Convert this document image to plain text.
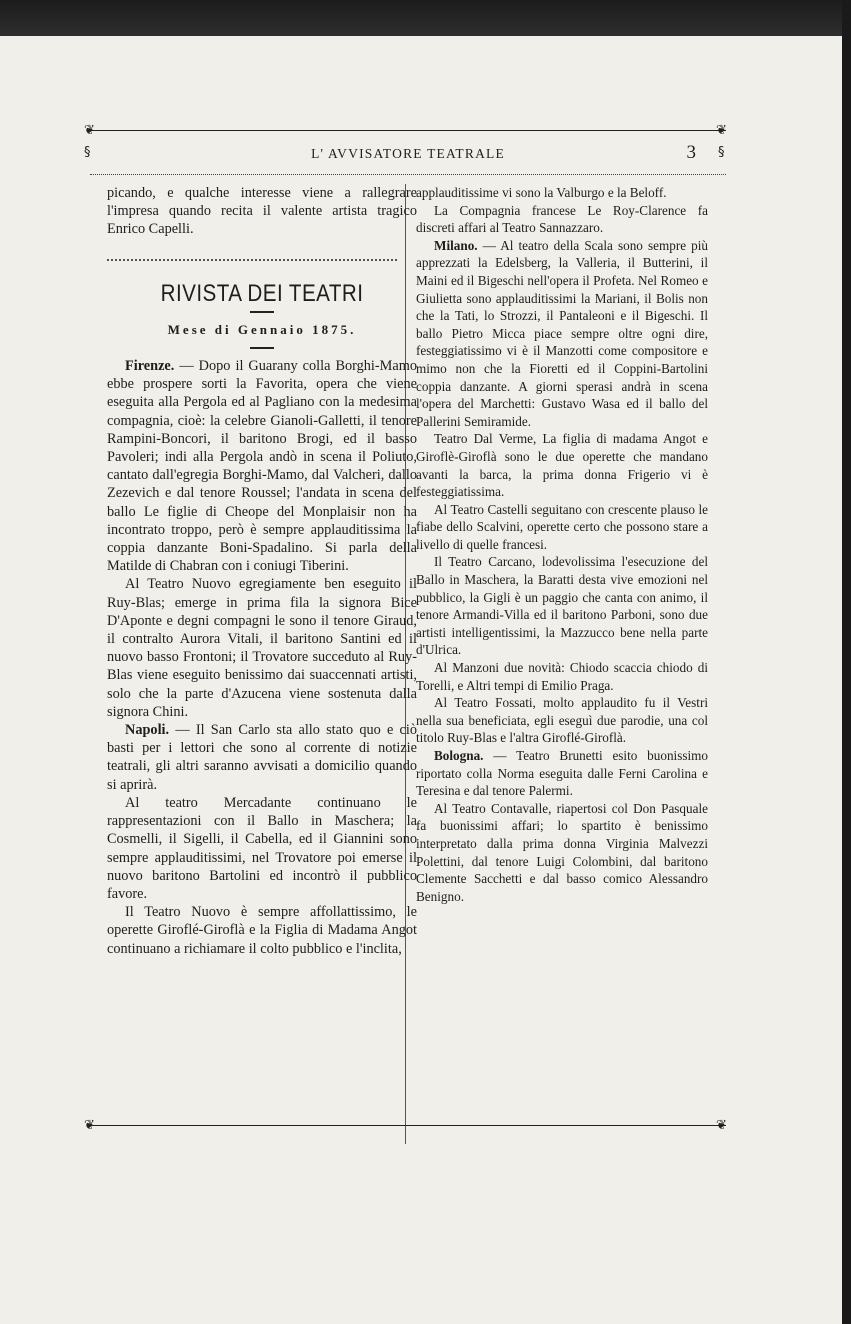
❦	❦
§	§
L' AVVISATORE TEATRALE	3

picando, e qualche interesse viene a rallegrare l'impresa quando recita il valente artista tragico Enrico Capelli.

RIVISTA DEI TEATRI
Mese di Gennaio 1875.

Firenze. — Dopo il Guarany colla Borghi-Mamo ebbe prospere sorti la Favorita, opera che viene eseguita alla Pergola ed al Pagliano con la medesima compagnia, cioè: la celebre Gianoli-Galletti, il tenore Rampini-Boncori, il baritono Brogi, ed il basso Pavoleri; indi alla Pergola andò in scena il Poliuto, cantato dall'egregia Borghi-Mamo, dal Valcheri, dallo Zezevich e dal tenore Roussel; l'andata in scena del ballo Le figlie di Cheope del Monplaisir non ha incontrato troppo, però è sempre applauditissima la coppia danzante Boni-Spadalino. Si parla della Matilde di Chabran con i coniugi Tiberini.

Al Teatro Nuovo egregiamente ben eseguito il Ruy-Blas; emerge in prima fila la signora Bice D'Aponte e degni compagni le sono il tenore Giraud, il contralto Aurora Vitali, il baritono Santini ed il nuovo basso Frontoni; il Trovatore succeduto al Ruy-Blas viene eseguito benissimo dai suaccennati artisti, solo che la parte d'Azucena viene sostenuta dalla signora Chini.

Napoli. — Il San Carlo sta allo stato quo e ciò basti per i lettori che sono al corrente di notizie teatrali, gli altri saranno avvisati a domicilio quando si aprirà.

Al teatro Mercadante continuano le rappresentazioni con il Ballo in Maschera; la Cosmelli, il Sigelli, il Cabella, ed il Giannini sono sempre applauditissimi, nel Trovatore poi emerse il nuovo baritono Bartolini ed incontrò il pubblico favore.

Il Teatro Nuovo è sempre affollattissimo, le operette Giroflé-Giroflà e la Figlia di Madama Angot continuano a richiamare il colto pubblico e l'inclita,

applauditissime vi sono la Valburgo e la Beloff.

La Compagnia francese Le Roy-Clarence fa discreti affari al Teatro Sannazzaro.

Milano. — Al teatro della Scala sono sempre più apprezzati la Edelsberg, la Valleria, il Butterini, il Maini ed il Bigeschi nell'opera il Profeta. Nel Romeo e Giulietta sono applauditissimi la Mariani, il Bolis non che la Tati, lo Strozzi, il Pantaleoni e il Bigeschi. Il ballo Pietro Micca piace sempre oltre ogni dire, festeggiatissimo vi è il Manzotti come compositore e mimo non che la Fioretti ed il Coppini-Bartolini coppia danzante. A giorni sperasi andrà in scena l'opera del Marchetti: Gustavo Wasa ed il ballo del Pallerini Semiramide.

Teatro Dal Verme, La figlia di madama Angot e Giroflè-Giroflà sono le due operette che mandano avanti la barca, la prima donna Frigerio vi è festeggiatissima.

Al Teatro Castelli seguitano con crescente plauso le fiabe dello Scalvini, operette certo che possono stare a livello di quelle francesi.

Il Teatro Carcano, lodevolissima l'esecuzione del Ballo in Maschera, la Baratti desta vive emozioni nel pubblico, la Gigli è un paggio che canta con animo, il tenore Armandi-Villa ed il baritono Parboni, sono due artisti intelligentissimi, la Mazzucco bene nella parte d'Ulrica.

Al Manzoni due novità: Chiodo scaccia chiodo di Torelli, e Altri tempi di Emilio Praga.

Al Teatro Fossati, molto applaudito fu il Vestri nella sua beneficiata, egli eseguì due parodie, una col titolo Ruy-Blas e l'altra Giroflé-Giroflà.

Bologna. — Teatro Brunetti esito buonissimo riportato colla Norma eseguita dalle Ferni Carolina e Teresina e dal tenore Palermi.

Al Teatro Contavalle, riapertosi col Don Pasquale fa buonissimi affari; lo spartito è benissimo interpretato dalla prima donna Virginia Malvezzi Polettini, dal tenore Luigi Colombini, dal baritono Clemente Sacchetti e dal basso comico Alessandro Benigno.

❦	❦
